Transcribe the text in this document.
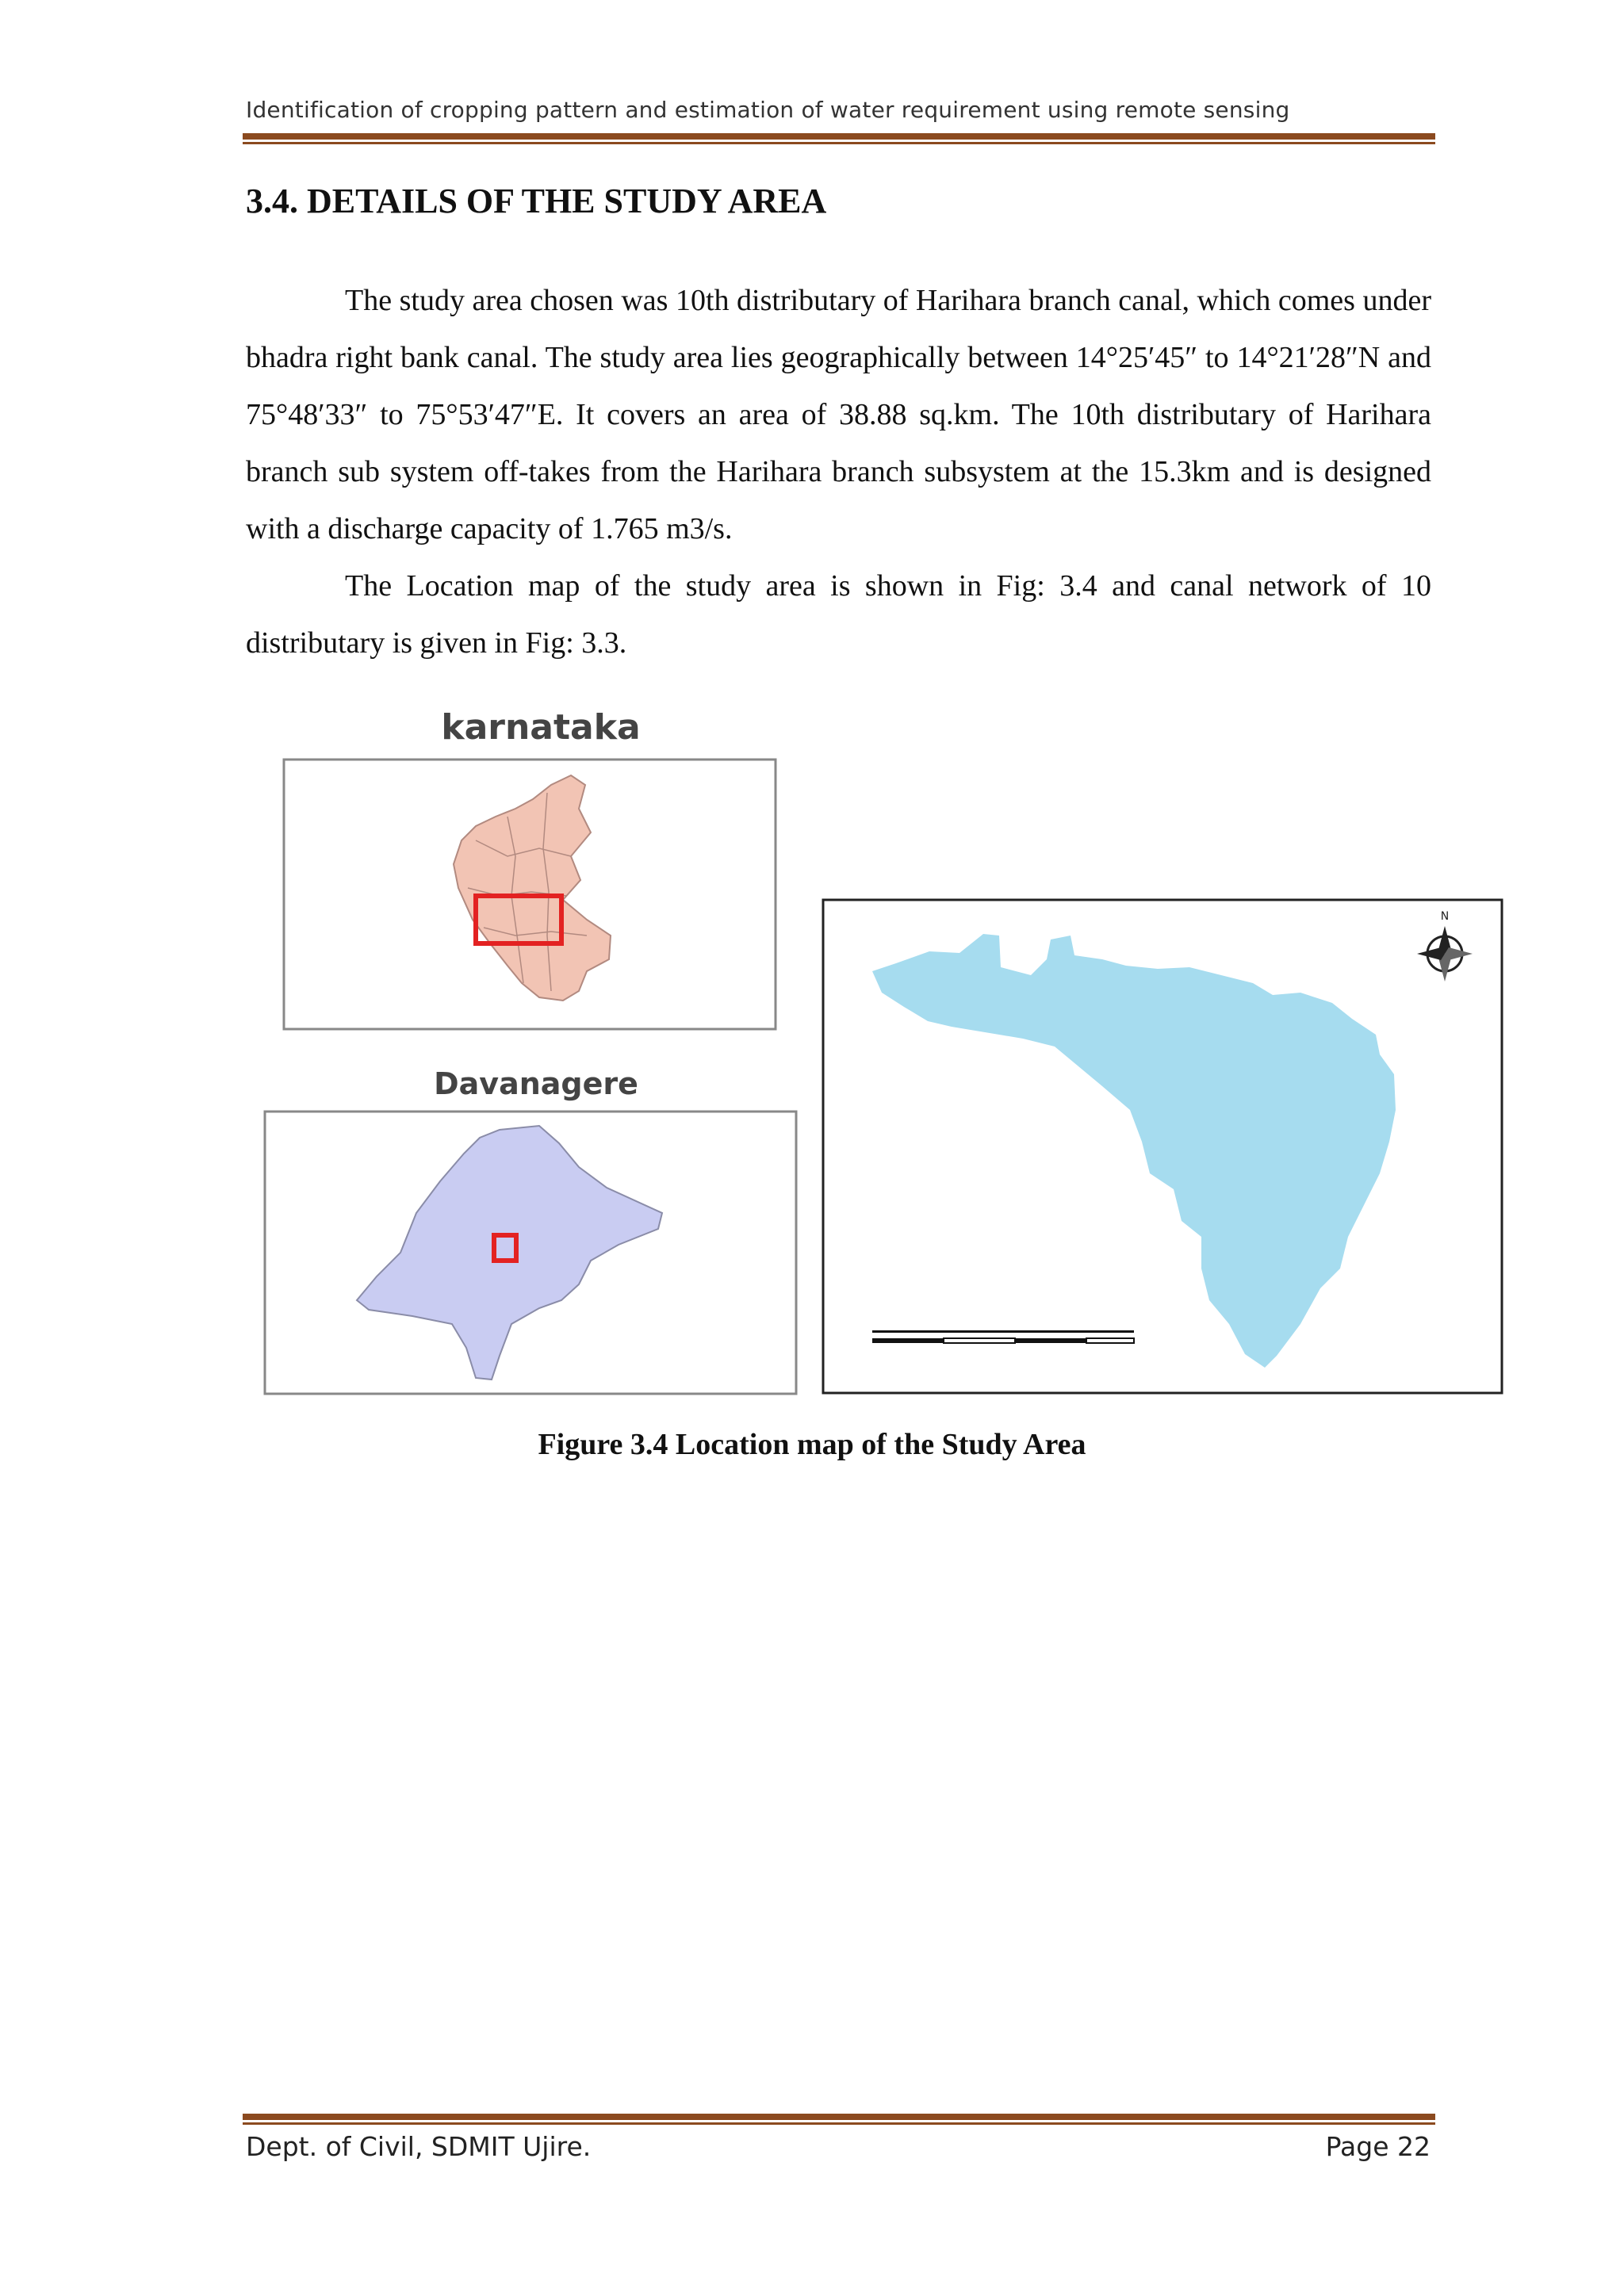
Identification of cropping pattern and estimation of water requirement using remote sensing
3.4. DETAILS OF THE STUDY AREA

The study area chosen was 10th distributary of Harihara branch canal, which comes under bhadra right bank canal. The study area lies geographically between 14°25′45″ to 14°21′28″N and 75°48′33″ to 75°53′47″E. It covers an area of 38.88 sq.km. The 10th distributary of Harihara branch sub system off-takes from the Harihara branch subsystem at the 15.3km and is designed with a discharge capacity of 1.765 m3/s.

The Location map of the study area is shown in Fig: 3.4 and canal network of 10 distributary is given in Fig: 3.3.

karnataka
Davanagere
N
Figure 3.4 Location map of the Study Area
Dept. of Civil, SDMIT Ujire.	Page 22
